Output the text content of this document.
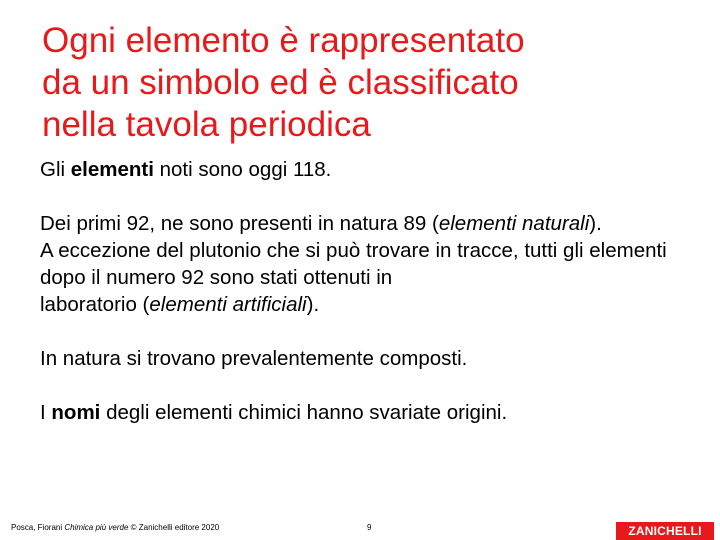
Ogni elemento è rappresentato
da un simbolo ed è classificato
nella tavola periodica

Gli elementi noti sono oggi 118.

Dei primi 92, ne sono presenti in natura 89 (elementi naturali).

A eccezione del plutonio che si può trovare in tracce, tutti gli elementi dopo il numero 92 sono stati ottenuti in

laboratorio (elementi artificiali).

In natura si trovano prevalentemente composti.

I nomi degli elementi chimici hanno svariate origini.

Posca, Fiorani Chimica più verde © Zanichelli editore 2020	9	ZANICHELLI
